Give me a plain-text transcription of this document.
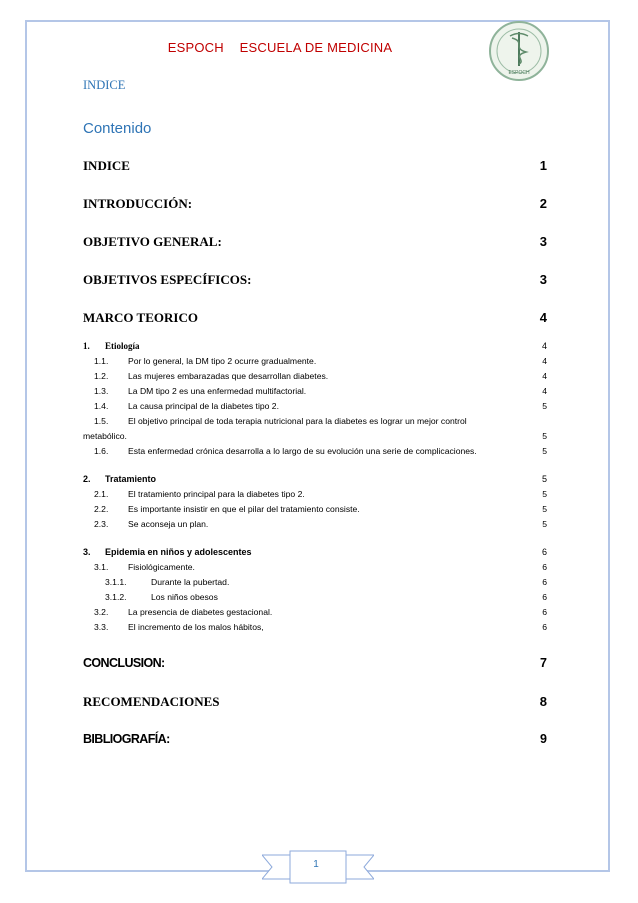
ESPOCH ESCUELA DE MEDICINA
ESPOCH
INDICE
Contenido
INDICE	1
INTRODUCCIÓN:	2
OBJETIVO GENERAL:	3
OBJETIVOS ESPECÍFICOS:	3
MARCO TEORICO	4
1. Etiología	4
1.1. Por lo general, la DM tipo 2 ocurre gradualmente.	4
1.2. Las mujeres embarazadas que desarrollan diabetes.	4
1.3. La DM tipo 2 es una enfermedad multifactorial.	4
1.4. La causa principal de la diabetes tipo 2.	5
1.5. El objetivo principal de toda terapia nutricional para la diabetes es lograr un mejor control
metabólico.	5
1.6. Esta enfermedad crónica desarrolla a lo largo de su evolución una serie de complicaciones.	5
2. Tratamiento	5
2.1. El tratamiento principal para la diabetes tipo 2.	5
2.2. Es importante insistir en que el pilar del tratamiento consiste.	5
2.3. Se aconseja un plan.	5
3. Epidemia en niños y adolescentes	6
3.1. Fisiológicamente.	6
3.1.1.	Durante la pubertad.	6
3.1.2.	Los niños obesos	6
3.2. La presencia de diabetes gestacional.	6
3.3. El incremento de los malos hábitos,	6
CONCLUSION:	7
RECOMENDACIONES	8
BIBLIOGRAFÍA:	9
1
